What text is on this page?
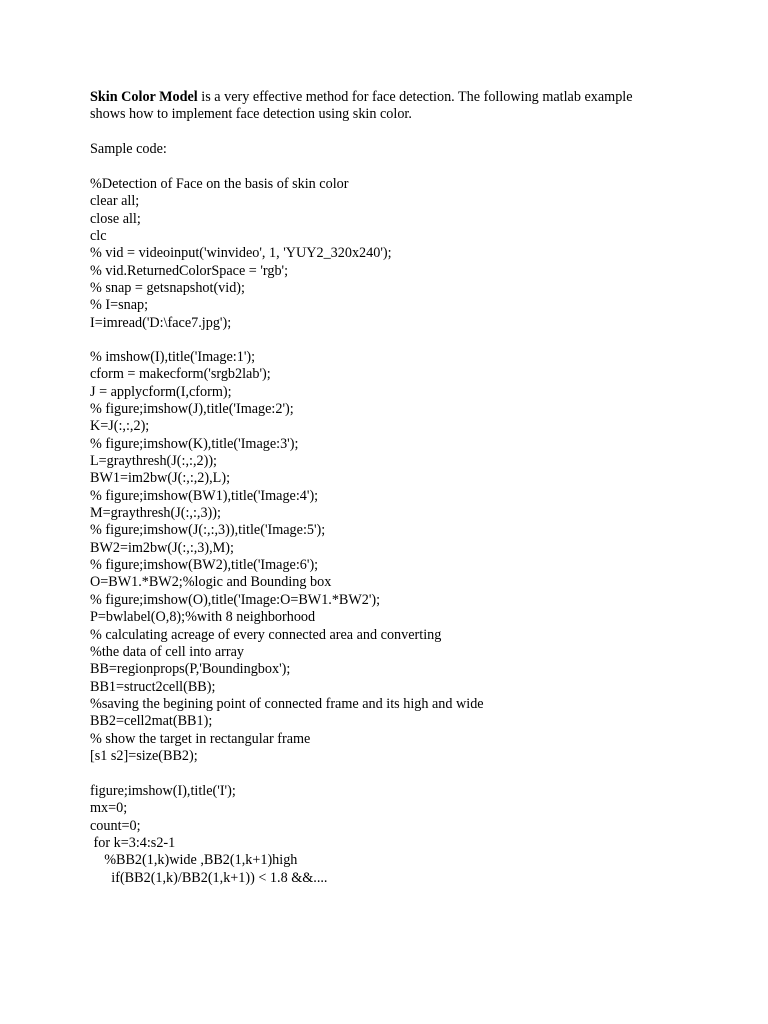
Skin Color Model is a very effective method for face detection. The following matlab example

shows how to implement face detection using skin color.

Sample code:

%Detection of Face on the basis of skin color

clear all;

close all;

clc

% vid = videoinput('winvideo', 1, 'YUY2_320x240');

% vid.ReturnedColorSpace = 'rgb';

% snap = getsnapshot(vid);

% I=snap;

I=imread('D:\face7.jpg');

% imshow(I),title('Image:1');

cform = makecform('srgb2lab');

J = applycform(I,cform);

% figure;imshow(J),title('Image:2');

K=J(:,:,2);

% figure;imshow(K),title('Image:3');

L=graythresh(J(:,:,2));

BW1=im2bw(J(:,:,2),L);

% figure;imshow(BW1),title('Image:4');

M=graythresh(J(:,:,3));

% figure;imshow(J(:,:,3)),title('Image:5');

BW2=im2bw(J(:,:,3),M);

% figure;imshow(BW2),title('Image:6');

O=BW1.*BW2;%logic and Bounding box

% figure;imshow(O),title('Image:O=BW1.*BW2');

P=bwlabel(O,8);%with 8 neighborhood

% calculating acreage of every connected area and converting

%the data of cell into array

BB=regionprops(P,'Boundingbox');

BB1=struct2cell(BB);

%saving the begining point of connected frame and its high and wide

BB2=cell2mat(BB1);

% show the target in rectangular frame

[s1 s2]=size(BB2);

figure;imshow(I),title('I');

mx=0;

count=0;

for k=3:4:s2-1

%BB2(1,k)wide ,BB2(1,k+1)high

if(BB2(1,k)/BB2(1,k+1)) < 1.8 &&....
